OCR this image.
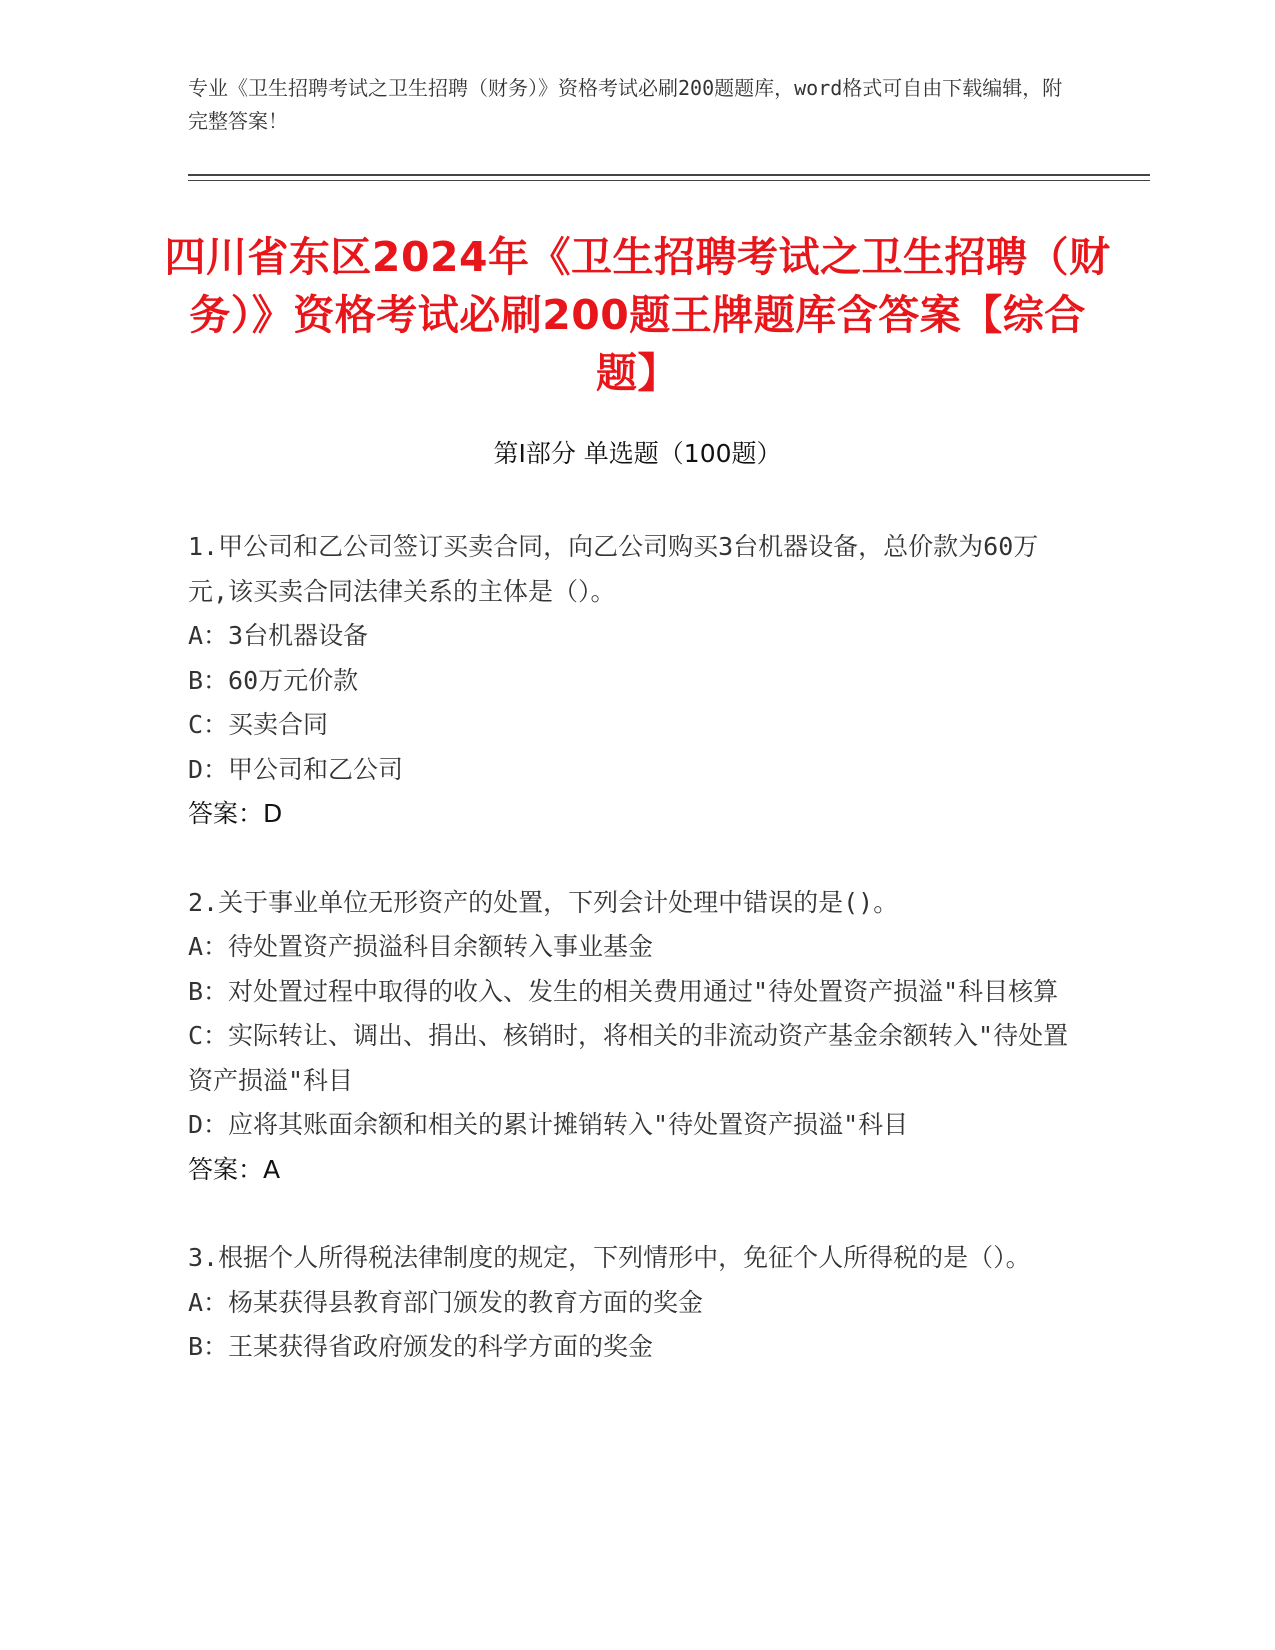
专业《卫生招聘考试之卫生招聘（财务）》资格考试必刷200题题库，word格式可自由下载编辑，附完整答案！
四川省东区2024年《卫生招聘考试之卫生招聘（财务）》资格考试必刷200题王牌题库含答案【综合题】
第Ⅰ部分 单选题（100题）

1.甲公司和乙公司签订买卖合同，向乙公司购买3台机器设备，总价款为60万元,该买卖合同法律关系的主体是（）。

A：3台机器设备

B：60万元价款

C：买卖合同

D：甲公司和乙公司

答案：D

2.关于事业单位无形资产的处置，下列会计处理中错误的是()。

A：待处置资产损溢科目余额转入事业基金

B：对处置过程中取得的收入、发生的相关费用通过"待处置资产损溢"科目核算

C：实际转让、调出、捐出、核销时，将相关的非流动资产基金余额转入"待处置资产损溢"科目

D：应将其账面余额和相关的累计摊销转入"待处置资产损溢"科目

答案：A

3.根据个人所得税法律制度的规定，下列情形中，免征个人所得税的是（）。

A：杨某获得县教育部门颁发的教育方面的奖金

B：王某获得省政府颁发的科学方面的奖金
